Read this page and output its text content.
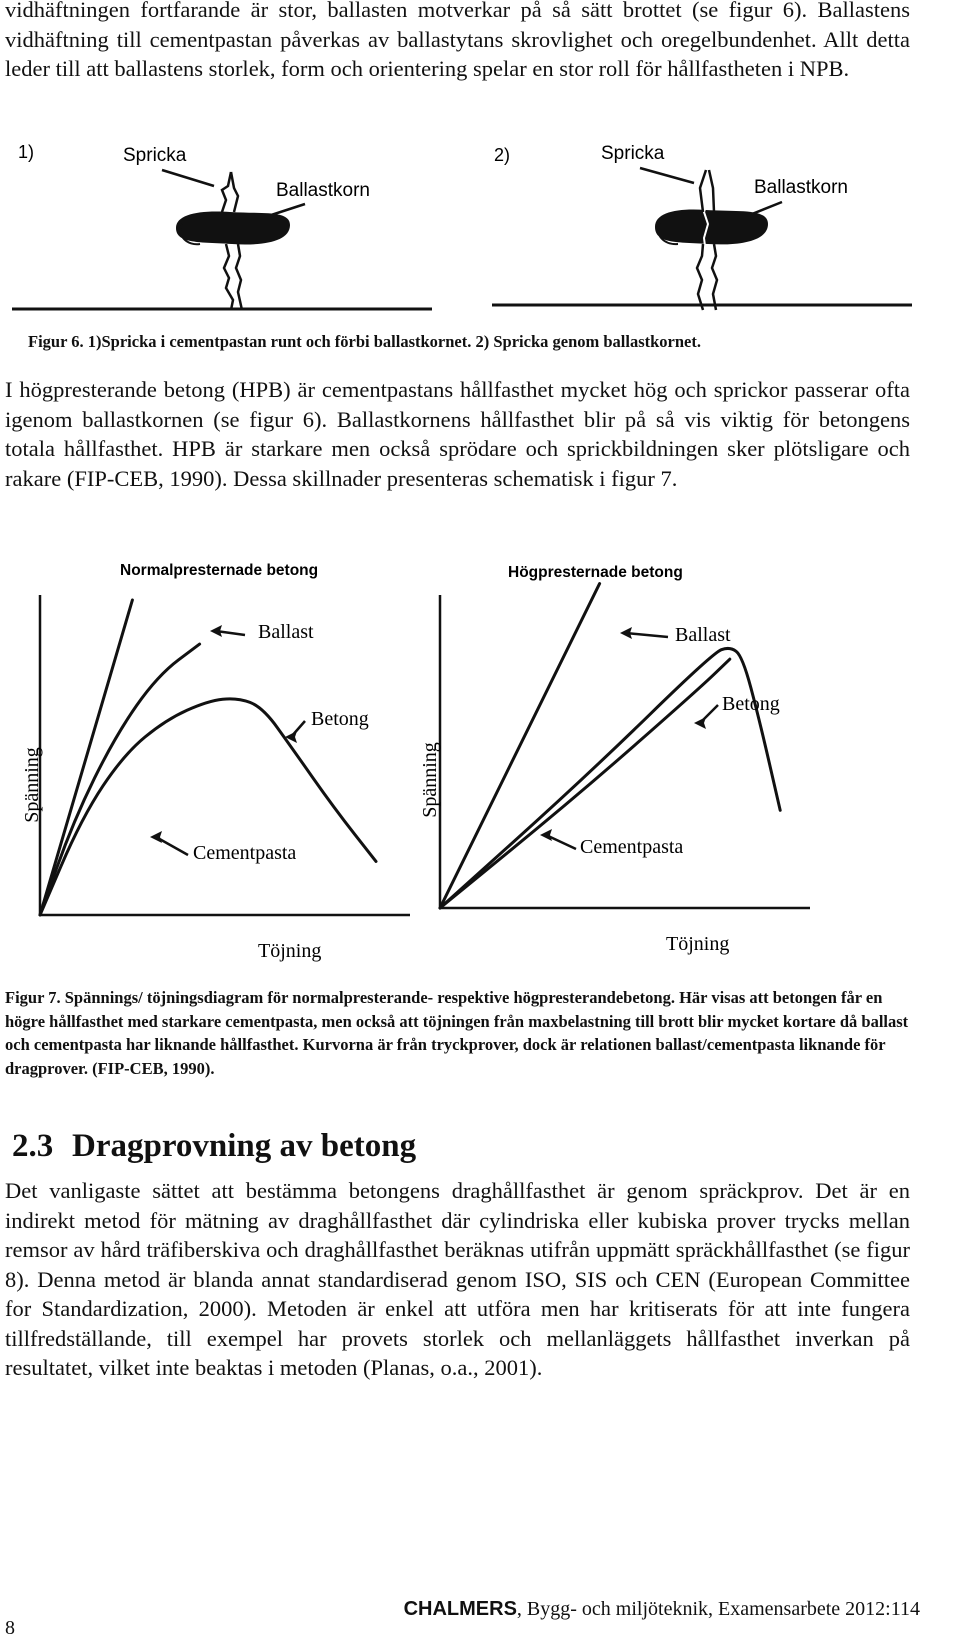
vidhäftningen fortfarande är stor, ballasten motverkar på så sätt brottet (se figur 6). Ballastens vidhäftning till cementpastan påverkas av ballastytans skrovlighet och oregelbundenhet. Allt detta leder till att ballastens storlek, form och orientering spelar en stor roll för hållfastheten i NPB.

1)	Spricka
Ballastkorn
2)	Spricka
Ballastkorn

Figur 6. 1)Spricka i cementpastan runt och förbi ballastkornet. 2) Spricka genom ballastkornet.

I högpresterande betong (HPB) är cementpastans hållfasthet mycket hög och sprickor passerar ofta igenom ballastkornen (se figur 6). Ballastkornens hållfasthet blir på så vis viktig för betongens totala hållfasthet. HPB är starkare men också sprödare och sprickbildningen sker plötsligare och rakare (FIP-CEB, 1990). Dessa skillnader presenteras schematisk i figur 7.

Normalpresternade betong
Töjning
Spänning
Ballast
Betong
Cementpasta
Högpresternade betong
Töjning
Spänning
Ballast
Betong
Cementpasta

Figur 7. Spännings/ töjningsdiagram för normalpresterande- respektive högpresterandebetong. Här visas att betongen får en högre hållfasthet med starkare cementpasta, men också att töjningen från maxbelastning till brott blir mycket kortare då ballast och cementpasta har liknande hållfasthet. Kurvorna är från tryckprover, dock är relationen ballast/cementpasta liknande för dragprover. (FIP-CEB, 1990).

2.3 Dragprovning av betong

Det vanligaste sättet att bestämma betongens draghållfasthet är genom spräckprov. Det är en indirekt metod för mätning av draghållfasthet där cylindriska eller kubiska prover trycks mellan remsor av hård träfiberskiva och draghållfasthet beräknas utifrån uppmätt spräckhållfasthet (se figur 8). Denna metod är blanda annat standardiserad genom ISO, SIS och CEN (European Committee for Standardization, 2000). Metoden är enkel att utföra men har kritiserats för att inte fungera tillfredställande, till exempel har provets storlek och mellanläggets hållfasthet inverkan på resultatet, vilket inte beaktas i metoden (Planas, o.a., 2001).

CHALMERS, Bygg- och miljöteknik, Examensarbete 2012:114
8
